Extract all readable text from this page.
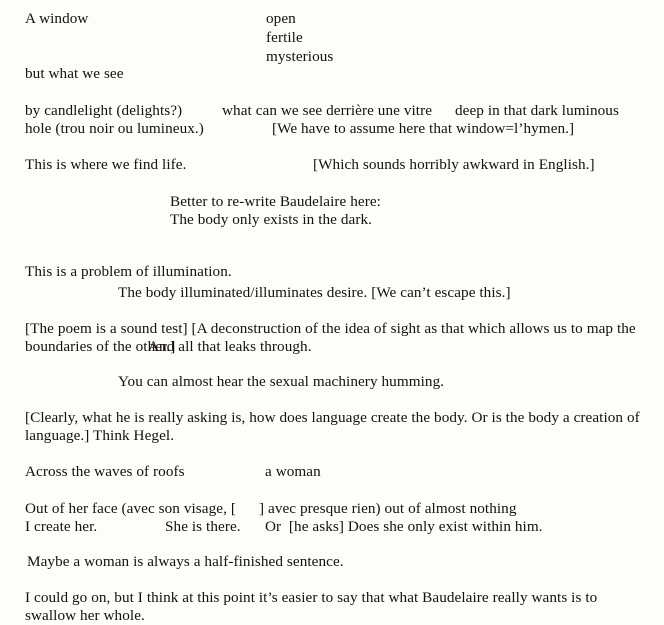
A window	open
fertile
mysterious
but what we see
by candlelight (delights?)	what can we see derrière une vitre deep in that dark luminous
hole (trou noir ou lumineux.)	[We have to assume here that window=l’hymen.]
This is where we find life.	[Which sounds horribly awkward in English.]
Better to re-write Baudelaire here:
The body only exists in the dark.
This is a problem of illumination.
The body illuminated/illuminates desire. [We can’t escape this.]
[The poem is a sound test] [A deconstruction of the idea of sight as that which allows us to map the
boundaries of the other.]
And all that leaks through.
You can almost hear the sexual machinery humming.
[Clearly, what he is really asking is, how does language create the body. Or is the body a creation of
language.] Think Hegel.
Across the waves of roofs	a woman
Out of her face (avec son visage, [ ] avec presque rien) out of almost nothing
I create her.	She is there. Or  [he asks] Does she only exist within him.
Maybe a woman is always a half-finished sentence.
I could go on, but I think at this point it’s easier to say that what Baudelaire really wants is to
swallow her whole.
